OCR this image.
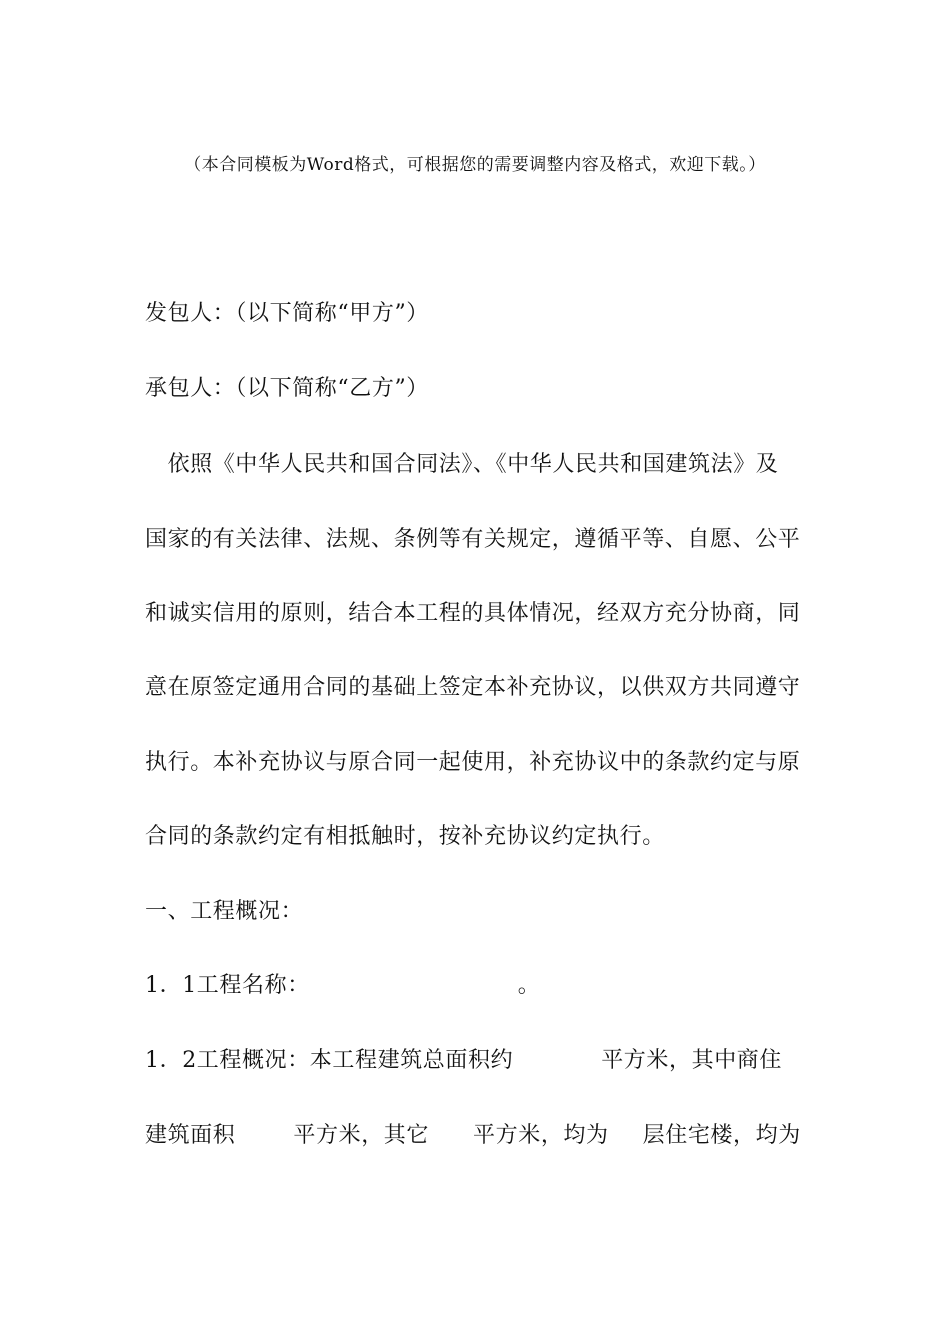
（本合同模板为Word格式，可根据您的需要调整内容及格式，欢迎下载。）
发包人：（以下简称“甲方”）
承包人：（以下简称“乙方”）
　依照《中华人民共和国合同法》、《中华人民共和国建筑法》及
国家的有关法律、法规、条例等有关规定，遵循平等、自愿、公平
和诚实信用的原则，结合本工程的具体情况，经双方充分协商，同
意在原签定通用合同的基础上签定本补充协议，以供双方共同遵守
执行。本补充协议与原合同一起使用，补充协议中的条款约定与原
合同的条款约定有相抵触时，按补充协议约定执行。
一、工程概况：
1．1工程名称：	。
1．2工程概况：本工程建筑总面积约	平方米，其中商住
建筑面积	平方米，其它 平方米，均为 层住宅楼，均为
